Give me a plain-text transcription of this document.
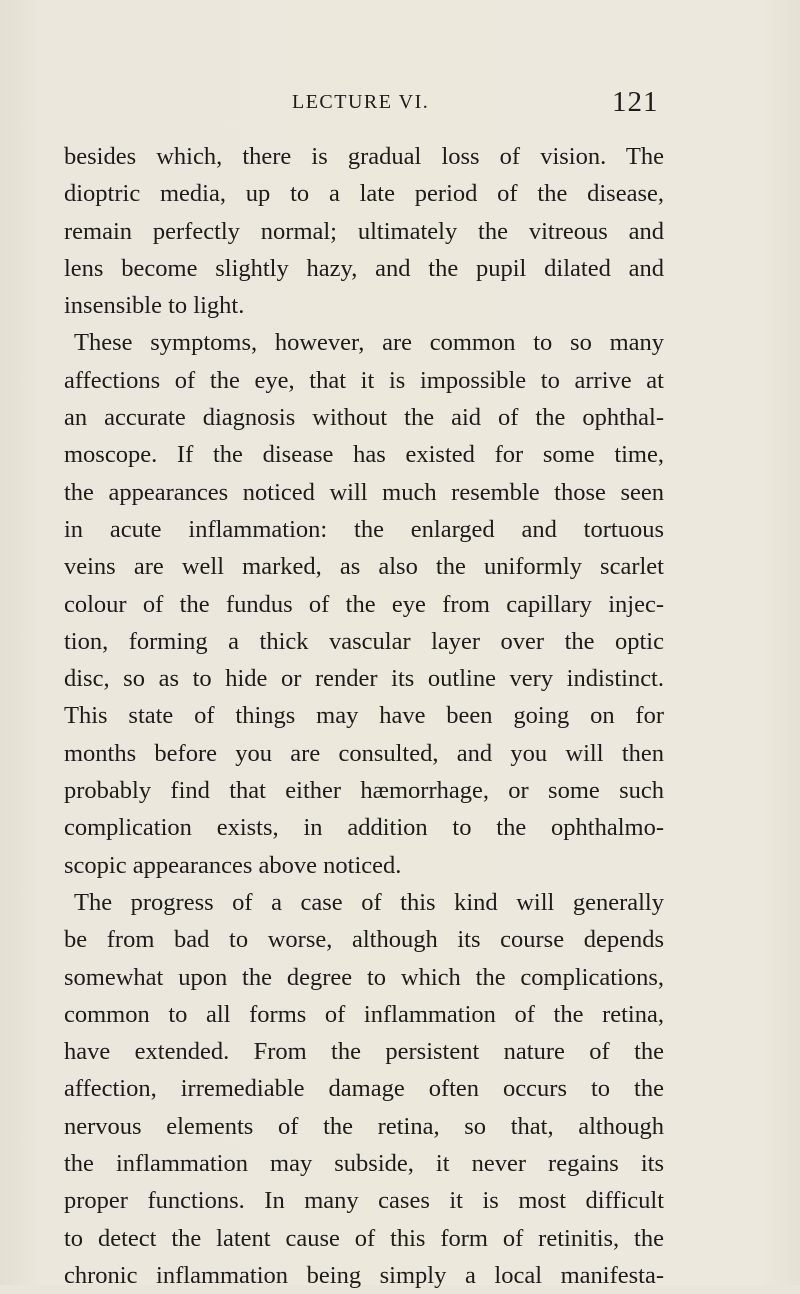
LECTURE VI.	121
besides which, there is gradual loss of vision. The
dioptric media, up to a late period of the disease,
remain perfectly normal; ultimately the vitreous and
lens become slightly hazy, and the pupil dilated and
insensible to light.
These symptoms, however, are common to so many
affections of the eye, that it is impossible to arrive at
an accurate diagnosis without the aid of the ophthal-
moscope. If the disease has existed for some time,
the appearances noticed will much resemble those seen
in acute inflammation: the enlarged and tortuous
veins are well marked, as also the uniformly scarlet
colour of the fundus of the eye from capillary injec-
tion, forming a thick vascular layer over the optic
disc, so as to hide or render its outline very indistinct.
This state of things may have been going on for
months before you are consulted, and you will then
probably find that either hæmorrhage, or some such
complication exists, in addition to the ophthalmo-
scopic appearances above noticed.
The progress of a case of this kind will generally
be from bad to worse, although its course depends
somewhat upon the degree to which the complications,
common to all forms of inflammation of the retina,
have extended. From the persistent nature of the
affection, irremediable damage often occurs to the
nervous elements of the retina, so that, although
the inflammation may subside, it never regains its
proper functions. In many cases it is most difficult
to detect the latent cause of this form of retinitis, the
chronic inflammation being simply a local manifesta-
